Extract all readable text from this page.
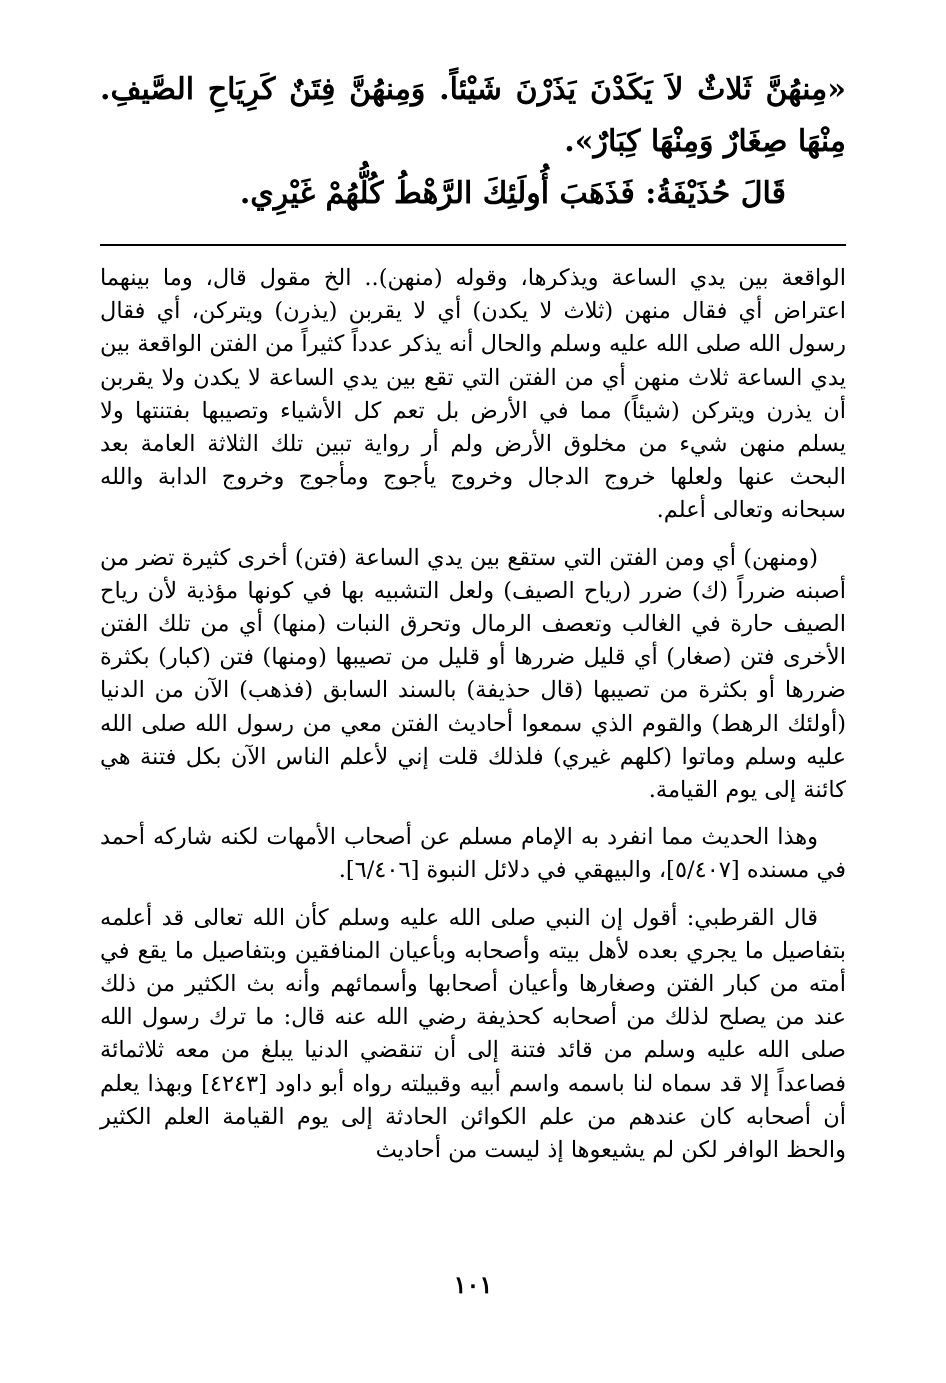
«مِنهُنَّ ثَلاثٌ لاَ يَكَدْنَ يَذَرْنَ شَيْئاً. وَمِنهُنَّ فِتَنٌ كَرِيَاحِ الصَّيفِ. مِنْهَا صِغَارٌ وَمِنْهَا كِبَارٌ».

قَالَ حُذَيْفَةُ: فَذَهَبَ أُولَئِكَ الرَّهْطُ كُلُّهُمْ غَيْرِي.

الواقعة بين يدي الساعة ويذكرها، وقوله (منهن).. الخ مقول قال، وما بينهما اعتراض أي فقال منهن (ثلاث لا يكدن) أي لا يقربن (يذرن) ويتركن، أي فقال رسول الله صلى الله عليه وسلم والحال أنه يذكر عدداً كثيراً من الفتن الواقعة بين يدي الساعة ثلاث منهن أي من الفتن التي تقع بين يدي الساعة لا يكدن ولا يقربن أن يذرن ويتركن (شيئاً) مما في الأرض بل تعم كل الأشياء وتصيبها بفتنتها ولا يسلم منهن شيء من مخلوق الأرض ولم أر رواية تبين تلك الثلاثة العامة بعد البحث عنها ولعلها خروج الدجال وخروج يأجوج ومأجوج وخروج الدابة والله سبحانه وتعالى أعلم.

(ومنهن) أي ومن الفتن التي ستقع بين يدي الساعة (فتن) أخرى كثيرة تضر من أصبنه ضرراً (ك) ضرر (رياح الصيف) ولعل التشبيه بها في كونها مؤذية لأن رياح الصيف حارة في الغالب وتعصف الرمال وتحرق النبات (منها) أي من تلك الفتن الأخرى فتن (صغار) أي قليل ضررها أو قليل من تصيبها (ومنها) فتن (كبار) بكثرة ضررها أو بكثرة من تصيبها (قال حذيفة) بالسند السابق (فذهب) الآن من الدنيا (أولئك الرهط) والقوم الذي سمعوا أحاديث الفتن معي من رسول الله صلى الله عليه وسلم وماتوا (كلهم غيري) فلذلك قلت إني لأعلم الناس الآن بكل فتنة هي كائنة إلى يوم القيامة.

وهذا الحديث مما انفرد به الإمام مسلم عن أصحاب الأمهات لكنه شاركه أحمد في مسنده [٥/٤٠٧]، والبيهقي في دلائل النبوة [٦/٤٠٦].

قال القرطبي: أقول إن النبي صلى الله عليه وسلم كأن الله تعالى قد أعلمه بتفاصيل ما يجري بعده لأهل بيته وأصحابه وبأعيان المنافقين وبتفاصيل ما يقع في أمته من كبار الفتن وصغارها وأعيان أصحابها وأسمائهم وأنه بث الكثير من ذلك عند من يصلح لذلك من أصحابه كحذيفة رضي الله عنه قال: ما ترك رسول الله صلى الله عليه وسلم من قائد فتنة إلى أن تنقضي الدنيا يبلغ من معه ثلاثمائة فصاعداً إلا قد سماه لنا باسمه واسم أبيه وقبيلته رواه أبو داود [٤٢٤٣] وبهذا يعلم أن أصحابه كان عندهم من علم الكوائن الحادثة إلى يوم القيامة العلم الكثير والحظ الوافر لكن لم يشيعوها إذ ليست من أحاديث

١٠١
